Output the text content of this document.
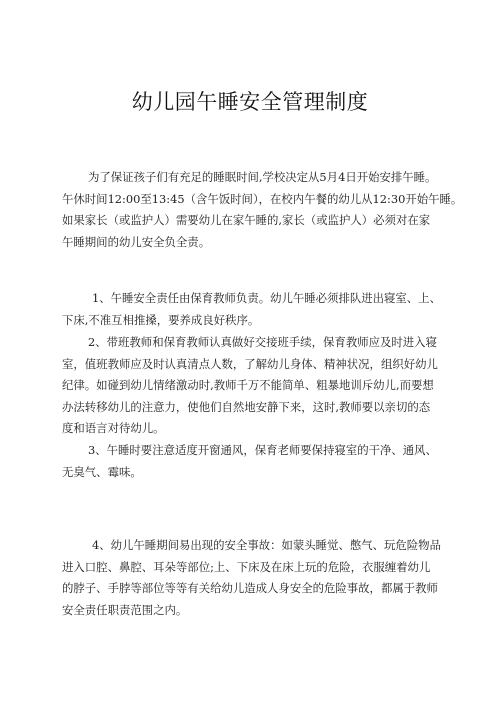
幼儿园午睡安全管理制度
为了保证孩子们有充足的睡眠时间,学校决定从5月4日开始安排午睡。
午休时间12:00至13:45（含午饭时间），在校内午餐的幼儿从12:30开始午睡。
如果家长（或监护人）需要幼儿在家午睡的,家长（或监护人）必须对在家
午睡期间的幼儿安全负全责。
1、午睡安全责任由保育教师负责。幼儿午睡必须排队进出寝室、上、
下床,不准互相推搡，要养成良好秩序。
2、带班教师和保育教师认真做好交接班手续，保育教师应及时进入寝
室，值班教师应及时认真清点人数，了解幼儿身体、精神状况，组织好幼儿
纪律。如碰到幼儿情绪激动时,教师千万不能简单、粗暴地训斥幼儿,而要想
办法转移幼儿的注意力，使他们自然地安静下来，这时,教师要以亲切的态
度和语言对待幼儿。
3、午睡时要注意适度开窗通风，保育老师要保持寝室的干净、通风、
无臭气、霉味。
4、幼儿午睡期间易出现的安全事故：如蒙头睡觉、憋气、玩危险物品
进入口腔、鼻腔、耳朵等部位;上、下床及在床上玩的危险，衣服缠着幼儿
的脖子、手脖等部位等等有关给幼儿造成人身安全的危险事故，都属于教师
安全责任职责范围之内。
